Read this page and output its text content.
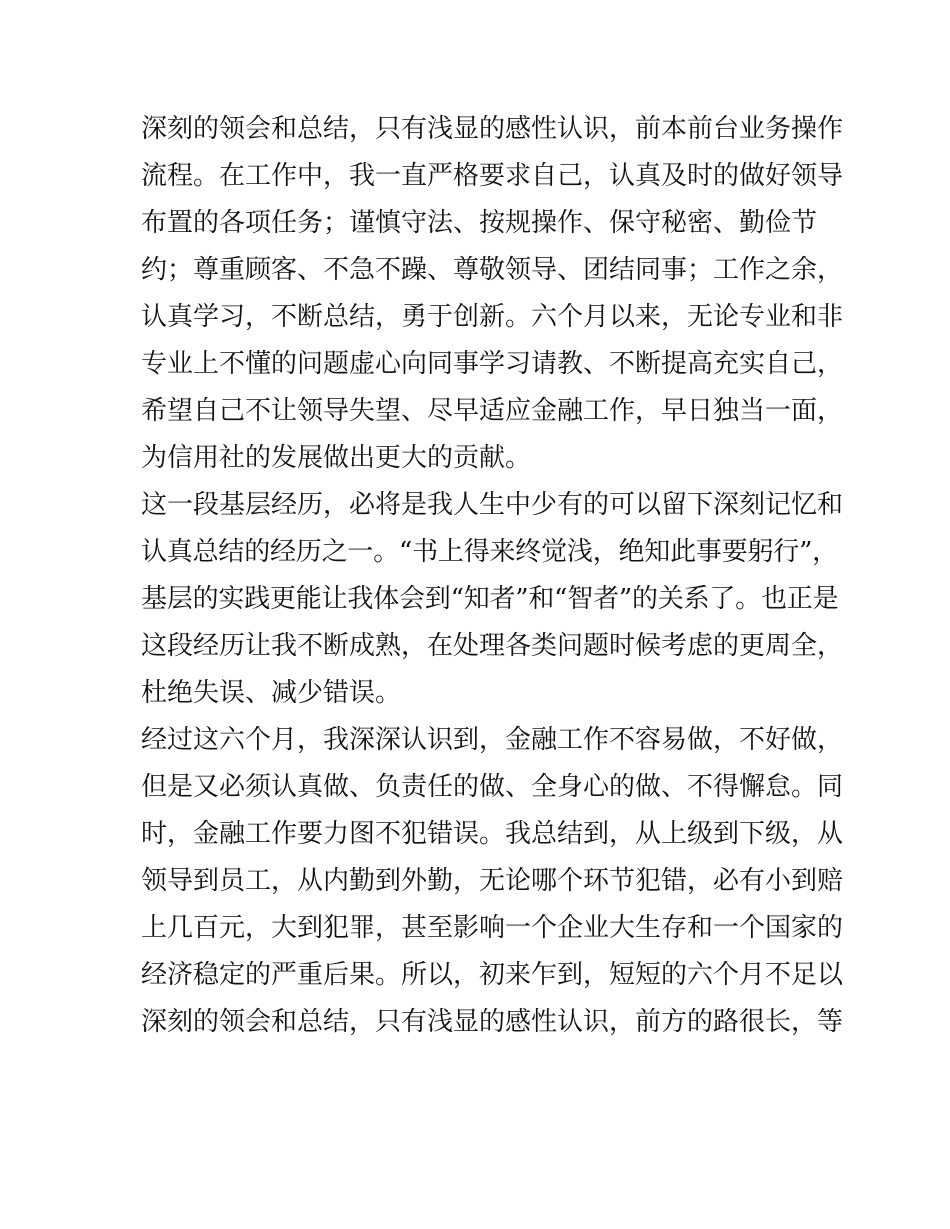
深刻的领会和总结，只有浅显的感性认识，前本前台业务操作
流程。在工作中，我一直严格要求自己，认真及时的做好领导
布置的各项任务；谨慎守法、按规操作、保守秘密、勤俭节
约；尊重顾客、不急不躁、尊敬领导、团结同事；工作之余，
认真学习，不断总结，勇于创新。六个月以来，无论专业和非
专业上不懂的问题虚心向同事学习请教、不断提高充实自己，
希望自己不让领导失望、尽早适应金融工作，早日独当一面，
为信用社的发展做出更大的贡献。
这一段基层经历，必将是我人生中少有的可以留下深刻记忆和
认真总结的经历之一。“书上得来终觉浅，绝知此事要躬行”，
基层的实践更能让我体会到“知者”和“智者”的关系了。也正是
这段经历让我不断成熟，在处理各类问题时候考虑的更周全，
杜绝失误、减少错误。
经过这六个月，我深深认识到，金融工作不容易做，不好做，
但是又必须认真做、负责任的做、全身心的做、不得懈怠。同
时，金融工作要力图不犯错误。我总结到，从上级到下级，从
领导到员工，从内勤到外勤，无论哪个环节犯错，必有小到赔
上几百元，大到犯罪，甚至影响一个企业大生存和一个国家的
经济稳定的严重后果。所以，初来乍到，短短的六个月不足以
深刻的领会和总结，只有浅显的感性认识，前方的路很长，等
